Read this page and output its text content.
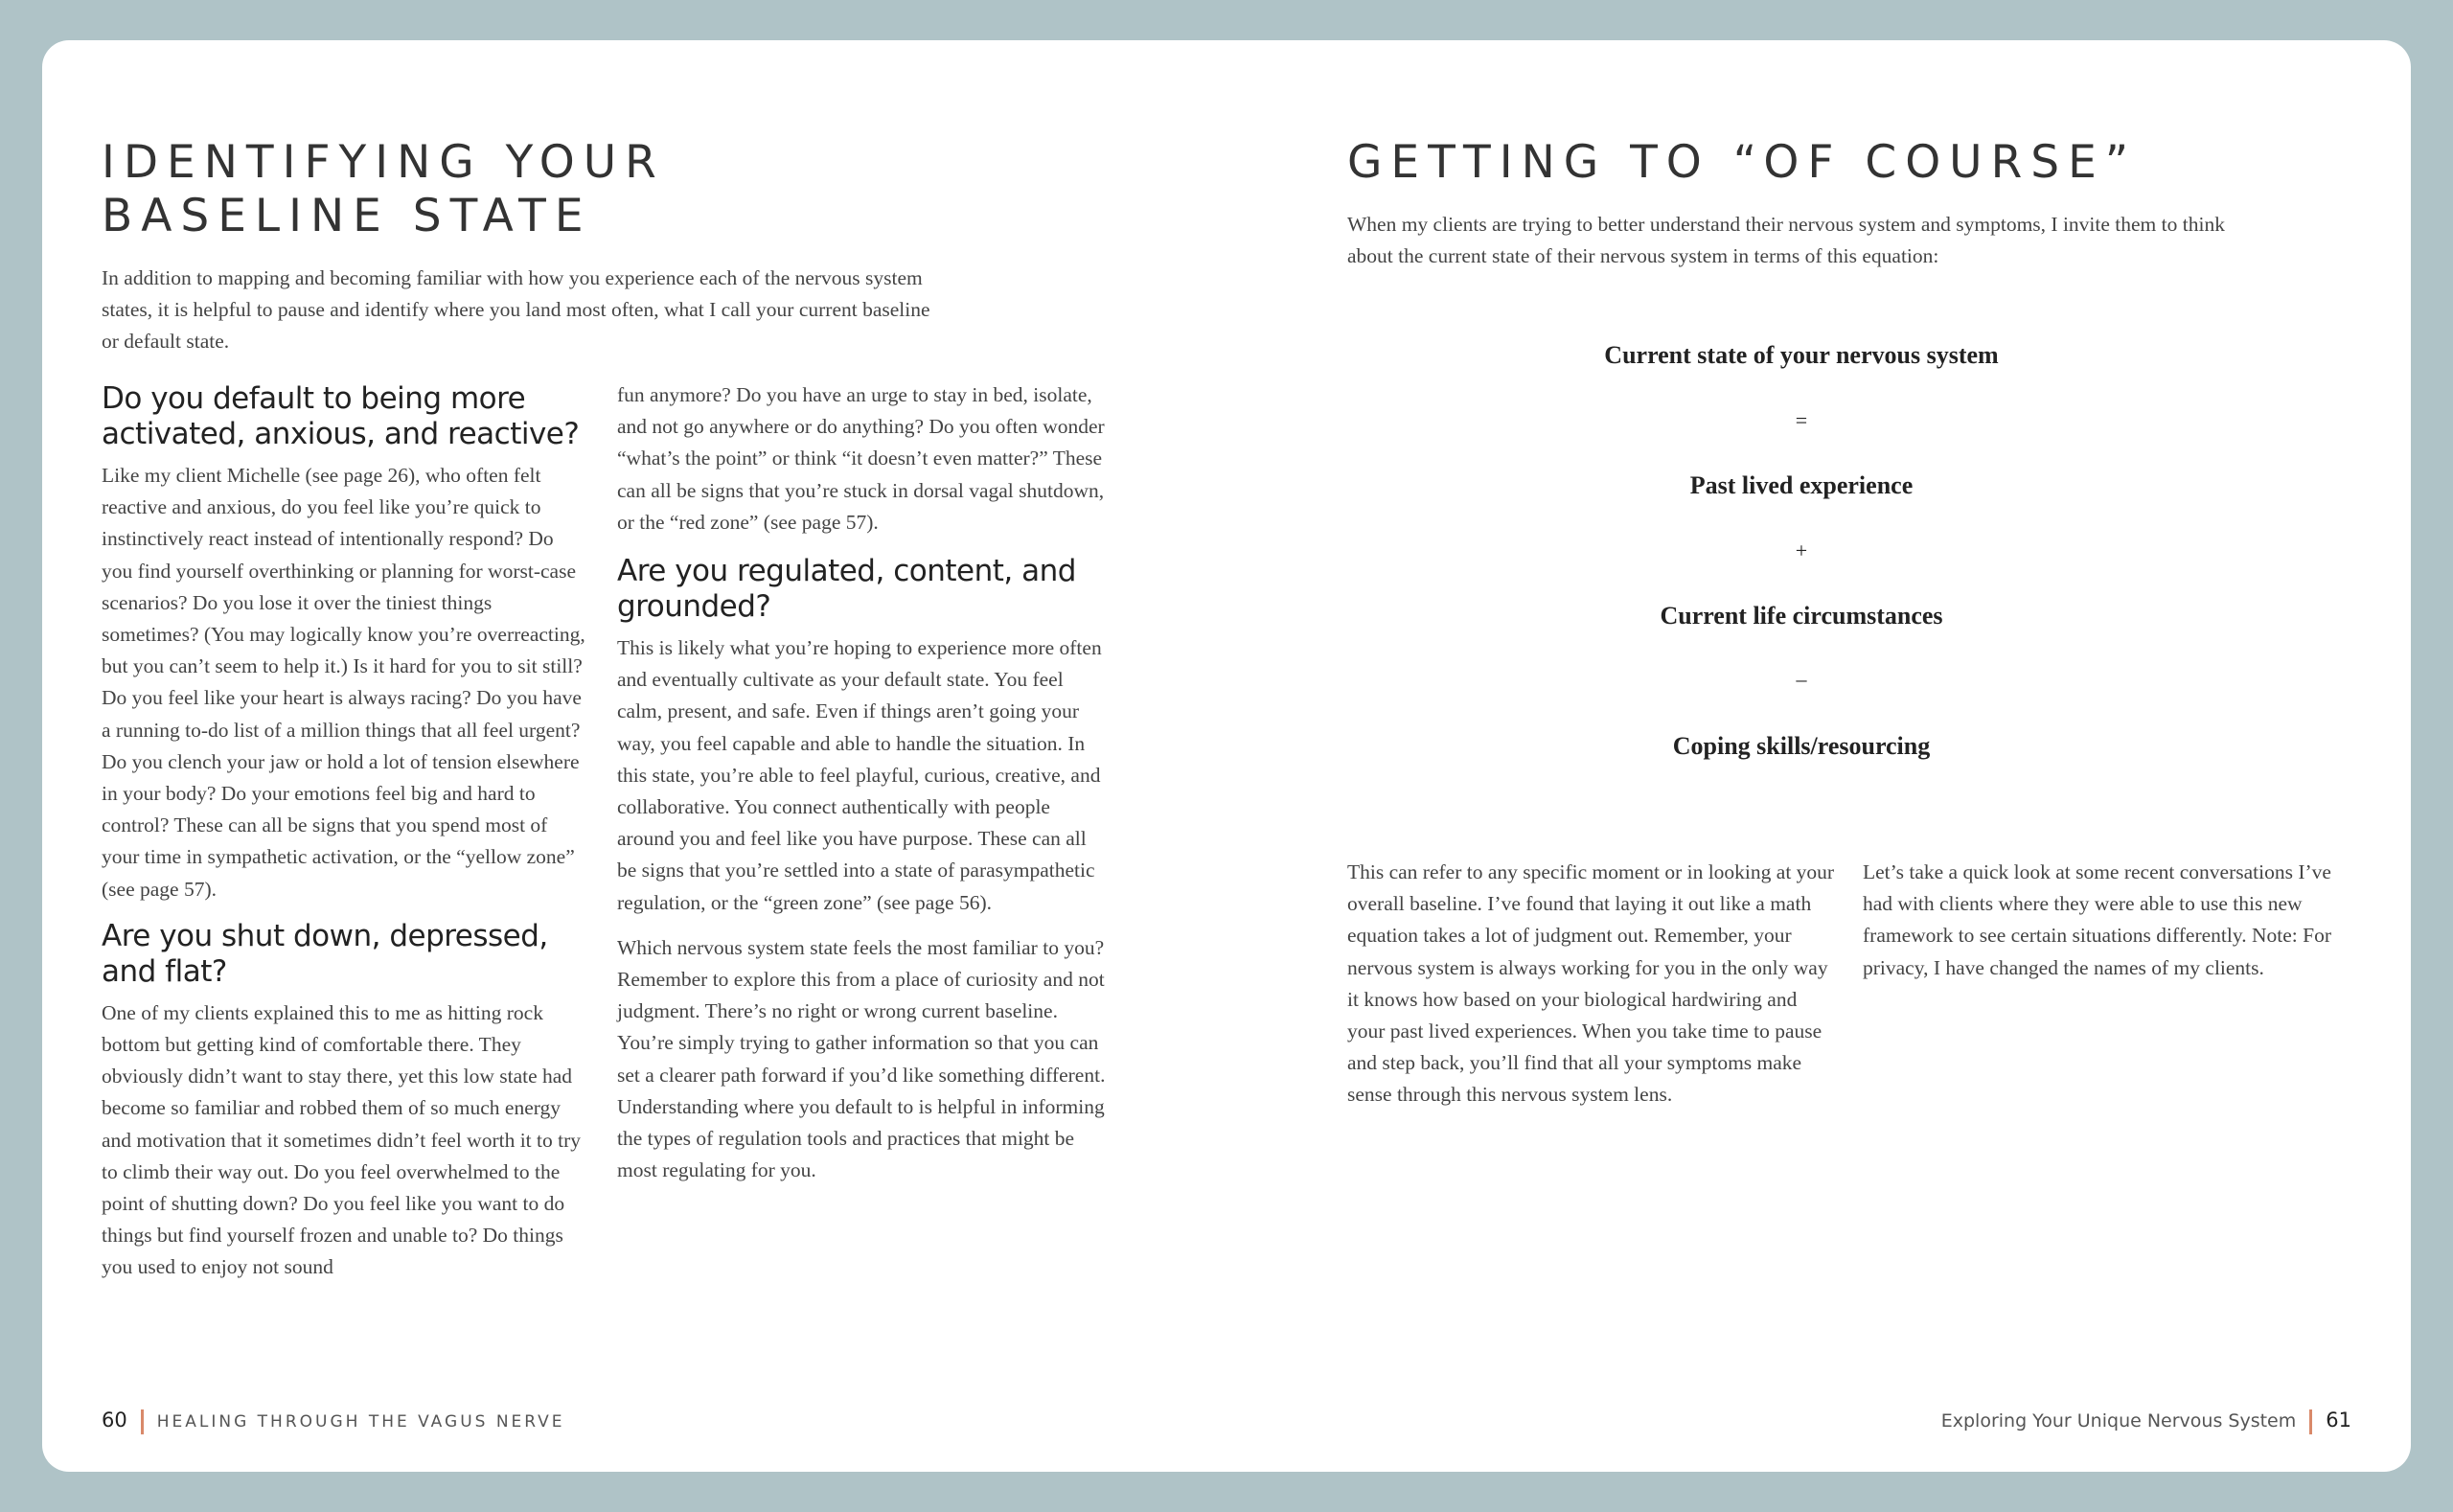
IDENTIFYING YOUR
BASELINE STATE

In addition to mapping and becoming familiar with how you experience each of the nervous system states, it is helpful to pause and identify where you land most often, what I call your current baseline or default state.

Do you default to being more activated, anxious, and reactive?

Like my client Michelle (see page 26), who often felt reactive and anxious, do you feel like you’re quick to instinctively react instead of intentionally respond? Do you find yourself overthinking or planning for worst-case scenarios? Do you lose it over the tiniest things sometimes? (You may logically know you’re overreacting, but you can’t seem to help it.) Is it hard for you to sit still? Do you feel like your heart is always racing? Do you have a running to-do list of a million things that all feel urgent? Do you clench your jaw or hold a lot of tension elsewhere in your body? Do your emotions feel big and hard to control? These can all be signs that you spend most of your time in sympathetic activation, or the “yellow zone” (see page 57).

Are you shut down, depressed, and flat?

One of my clients explained this to me as hitting rock bottom but getting kind of comfortable there. They obviously didn’t want to stay there, yet this low state had become so familiar and robbed them of so much energy and motivation that it sometimes didn’t feel worth it to try to climb their way out. Do you feel overwhelmed to the point of shutting down? Do you feel like you want to do things but find yourself frozen and unable to? Do things you used to enjoy not sound

fun anymore? Do you have an urge to stay in bed, isolate, and not go anywhere or do anything? Do you often wonder “what’s the point” or think “it doesn’t even matter?” These can all be signs that you’re stuck in dorsal vagal shutdown, or the “red zone” (see page 57).

Are you regulated, content, and grounded?

This is likely what you’re hoping to experience more often and eventually cultivate as your default state. You feel calm, present, and safe. Even if things aren’t going your way, you feel capable and able to handle the situation. In this state, you’re able to feel playful, curious, creative, and collaborative. You connect authentically with people around you and feel like you have purpose. These can all be signs that you’re settled into a state of parasympathetic regulation, or the “green zone” (see page 56).

Which nervous system state feels the most familiar to you? Remember to explore this from a place of curiosity and not judgment. There’s no right or wrong current baseline. You’re simply trying to gather information so that you can set a clearer path forward if you’d like something different. Understanding where you default to is helpful in informing the types of regulation tools and practices that might be most regulating for you.

60 HEALING THROUGH THE VAGUS NERVE
GETTING TO “OF COURSE”

When my clients are trying to better understand their nervous system and symptoms, I invite them to think about the current state of their nervous system in terms of this equation:

Current state of your nervous system
=
Past lived experience
+
Current life circumstances
–
Coping skills/resourcing

This can refer to any specific moment or in looking at your overall baseline. I’ve found that laying it out like a math equation takes a lot of judgment out. Remember, your nervous system is always working for you in the only way it knows how based on your biological hardwiring and your past lived experiences. When you take time to pause and step back, you’ll find that all your symptoms make sense through this nervous system lens.

Let’s take a quick look at some recent conversations I’ve had with clients where they were able to use this new framework to see certain situations differently. Note: For privacy, I have changed the names of my clients.

Exploring Your Unique Nervous System 61
